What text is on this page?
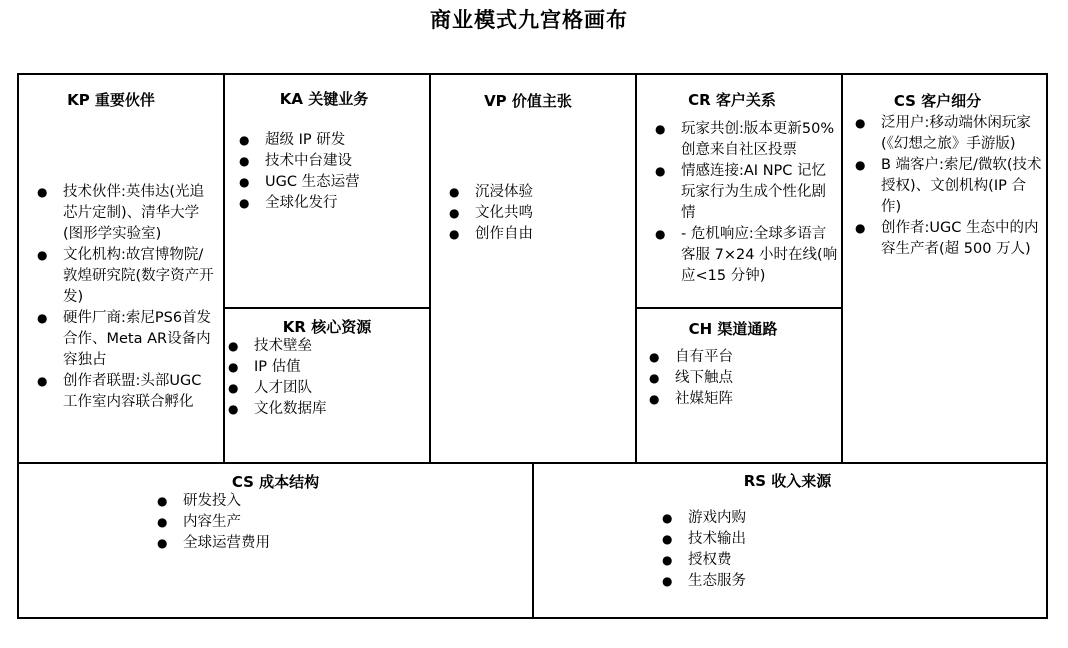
商业模式九宫格画布
KP 重要伙伴
● 技术伙伴:英伟达(光追芯片定制)、清华大学(图形学实验室)
● 文化机构:故宫博物院/敦煌研究院(数字资产开发)
● 硬件厂商:索尼PS6首发合作、Meta AR设备内容独占
● 创作者联盟:头部UGC工作室内容联合孵化
KA 关键业务
● 超级 IP 研发
● 技术中台建设
● UGC 生态运营
● 全球化发行
KR 核心资源
● 技术壁垒
● IP 估值
● 人才团队
● 文化数据库
VP 价值主张
● 沉浸体验
● 文化共鸣
● 创作自由
CR 客户关系
● 玩家共创:版本更新50%创意来自社区投票
● 情感连接:AI NPC 记忆玩家行为生成个性化剧情
● - 危机响应:全球多语言客服 7×24 小时在线(响应<15 分钟)
CH 渠道通路
● 自有平台
● 线下触点
● 社媒矩阵
CS 客户细分
● 泛用户:移动端休闲玩家(《幻想之旅》手游版)
● B 端客户:索尼/微软(技术授权)、文创机构(IP 合作)
● 创作者:UGC 生态中的内容生产者(超 500 万人)
CS 成本结构
● 研发投入
● 内容生产
● 全球运营费用
RS 收入来源
● 游戏内购
● 技术输出
● 授权费
● 生态服务
